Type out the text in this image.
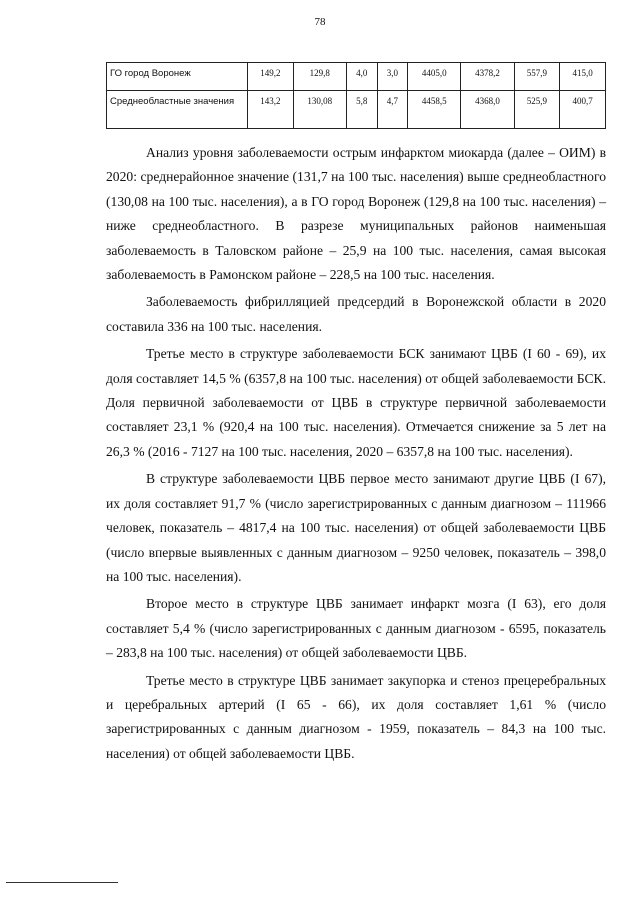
78
ГО город Воронеж	149,2	129,8	4,0	3,0	4405,0	4378,2	557,9	415,0
Среднеобластные значения	143,2	130,08	5,8	4,7	4458,5	4368,0	525,9	400,7

Анализ уровня заболеваемости острым инфарктом миокарда (далее – ОИМ) в 2020: среднерайонное значение (131,7 на 100 тыс. населения) выше среднеобластного (130,08 на 100 тыс. населения), а в ГО город Воронеж (129,8 на 100 тыс. населения) – ниже среднеобластного. В разрезе муниципальных районов наименьшая заболеваемость в Таловском районе – 25,9 на 100 тыс. населения, самая высокая заболеваемость в Рамонском районе – 228,5 на 100 тыс. населения.

Заболеваемость фибрилляцией предсердий в Воронежской области в 2020 составила 336 на 100 тыс. населения.

Третье место в структуре заболеваемости БСК занимают ЦВБ (I 60 - 69), их доля составляет 14,5 % (6357,8 на 100 тыс. населения) от общей заболеваемости БСК. Доля первичной заболеваемости от ЦВБ в структуре первичной заболеваемости составляет 23,1 % (920,4 на 100 тыс. населения). Отмечается снижение за 5 лет на 26,3 % (2016 - 7127 на 100 тыс. населения, 2020 – 6357,8 на 100 тыс. населения).

В структуре заболеваемости ЦВБ первое место занимают другие ЦВБ (I 67), их доля составляет 91,7 % (число зарегистрированных с данным диагнозом – 111966 человек, показатель – 4817,4 на 100 тыс. населения) от общей заболеваемости ЦВБ (число впервые выявленных с данным диагнозом – 9250 человек, показатель – 398,0 на 100 тыс. населения).

Второе место в структуре ЦВБ занимает инфаркт мозга (I 63), его доля составляет 5,4 % (число зарегистрированных с данным диагнозом - 6595, показатель – 283,8 на 100 тыс. населения) от общей заболеваемости ЦВБ.

Третье место в структуре ЦВБ занимает закупорка и стеноз прецеребральных и церебральных артерий (I 65 - 66), их доля составляет 1,61 % (число зарегистрированных с данным диагнозом - 1959, показатель – 84,3 на 100 тыс. населения) от общей заболеваемости ЦВБ.
